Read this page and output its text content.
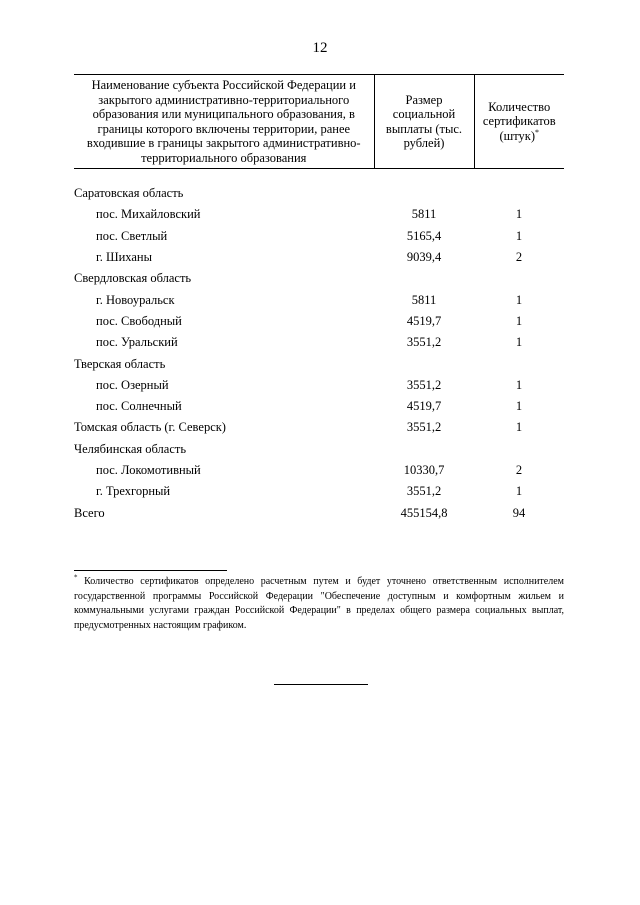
12
Наименование субъекта Российской Федерации и закрытого административно-территориального образования или муниципального образования, в границы которого включены территории, ранее входившие в границы закрытого административно-территориального образования	Размер социальной выплаты (тыс. рублей)	Количество сертификатов (штук)*

Саратовская область		
пос. Михайловский	5811	1
пос. Светлый	5165,4	1
г. Шиханы	9039,4	2
Свердловская область		
г. Новоуральск	5811	1
пос. Свободный	4519,7	1
пос. Уральский	3551,2	1
Тверская область		
пос. Озерный	3551,2	1
пос. Солнечный	4519,7	1
Томская область (г. Северск)	3551,2	1
Челябинская область		
пос. Локомотивный	10330,7	2
г. Трехгорный	3551,2	1
Всего	455154,8	94
* Количество сертификатов определено расчетным путем и будет уточнено ответственным исполнителем государственной программы Российской Федерации "Обеспечение доступным и комфортным жильем и коммунальными услугами граждан Российской Федерации" в пределах общего размера социальных выплат, предусмотренных настоящим графиком.
